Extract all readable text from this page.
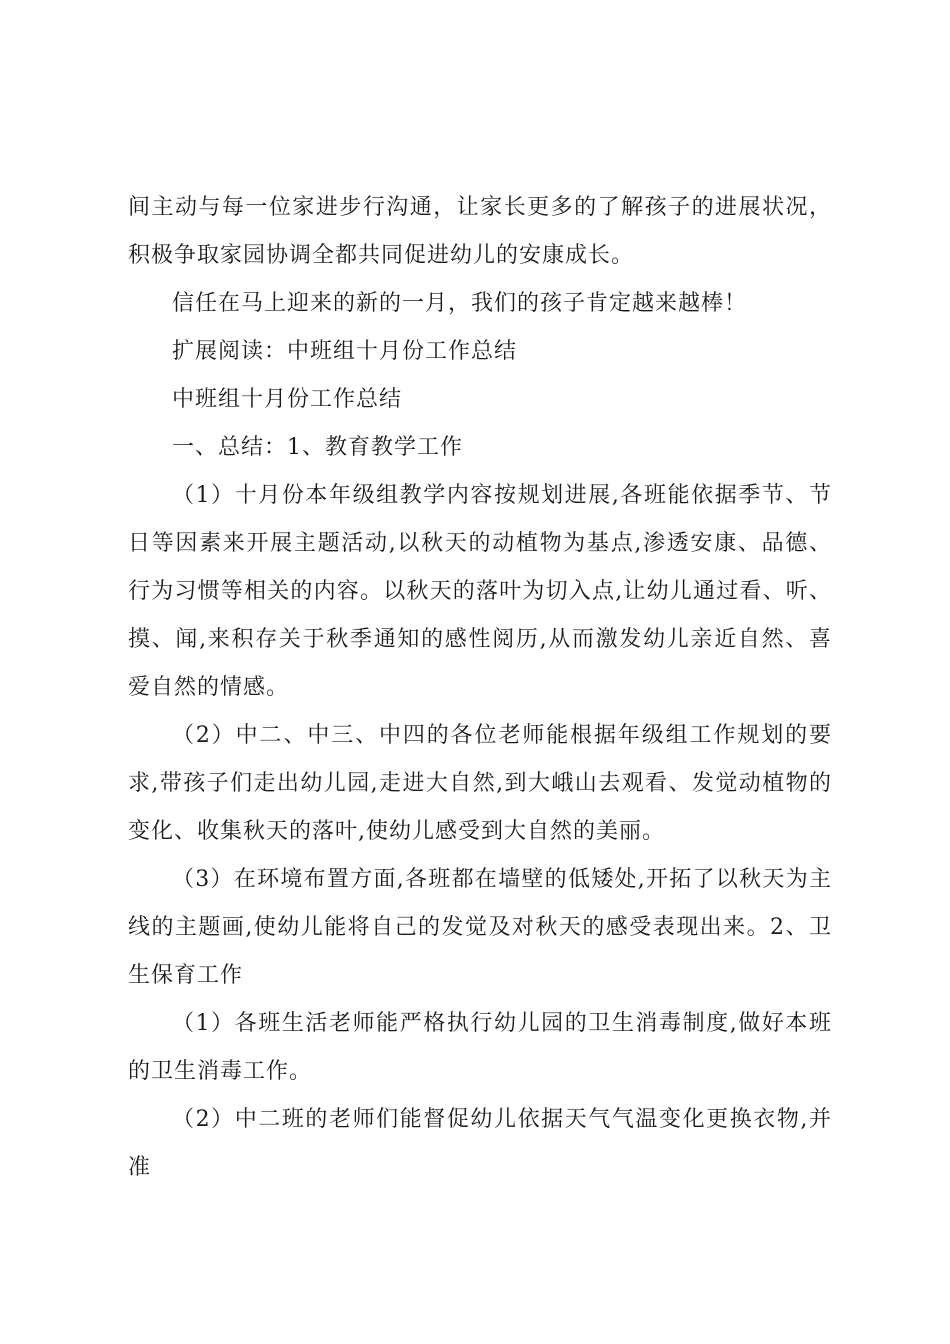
间主动与每一位家进步行沟通，让家长更多的了解孩子的进展状况，积极争取家园协调全都共同促进幼儿的安康成长。

信任在马上迎来的新的一月，我们的孩子肯定越来越棒！

扩展阅读：中班组十月份工作总结

中班组十月份工作总结

一、总结：1、教育教学工作

（1）十月份本年级组教学内容按规划进展,各班能依据季节、节日等因素来开展主题活动,以秋天的动植物为基点,渗透安康、品德、行为习惯等相关的内容。以秋天的落叶为切入点,让幼儿通过看、听、摸、闻,来积存关于秋季通知的感性阅历,从而激发幼儿亲近自然、喜爱自然的情感。

（2）中二、中三、中四的各位老师能根据年级组工作规划的要求,带孩子们走出幼儿园,走进大自然,到大峨山去观看、发觉动植物的变化、收集秋天的落叶,使幼儿感受到大自然的美丽。

（3）在环境布置方面,各班都在墙壁的低矮处,开拓了以秋天为主线的主题画,使幼儿能将自己的发觉及对秋天的感受表现出来。2、卫生保育工作

（1）各班生活老师能严格执行幼儿园的卫生消毒制度,做好本班的卫生消毒工作。

（2）中二班的老师们能督促幼儿依据天气气温变化更换衣物,并准
